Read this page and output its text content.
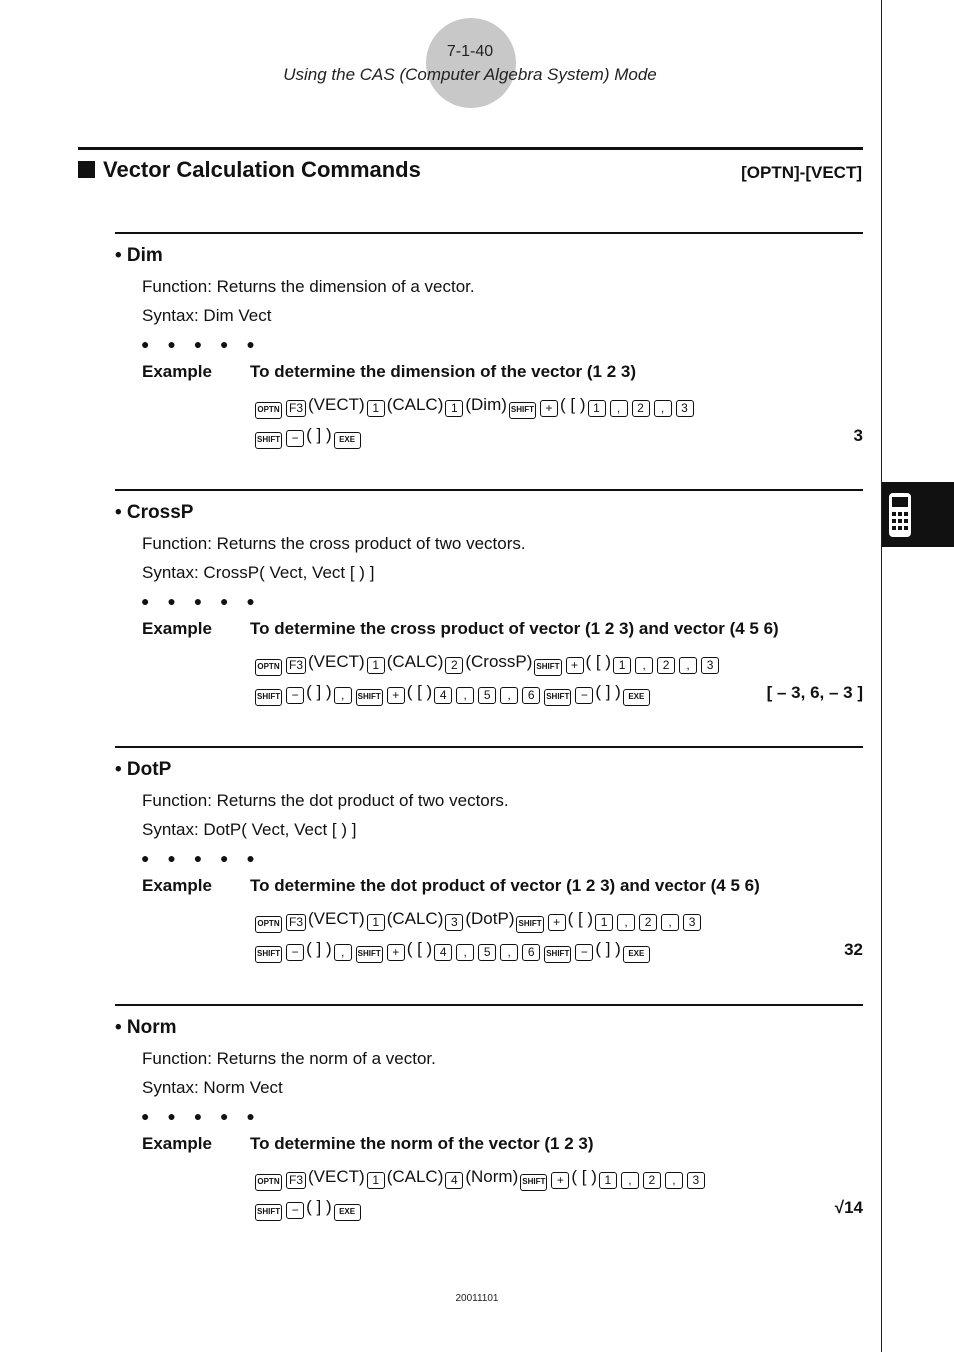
7-1-40
Using the CAS (Computer Algebra System) Mode
Vector Calculation Commands	[OPTN]-[VECT]
• Dim
Function: Returns the dimension of a vector.
Syntax: Dim Vect
● ● ● ● ●
Example To determine the dimension of the vector (1 2 3)
OPTN F3 (VECT) 1 (CALC) 1 (Dim) SHIFT + ( [ ) 1 , 2 , 3
SHIFT − ( ] ) EXE	3
• CrossP
Function: Returns the cross product of two vectors.
Syntax: CrossP( Vect, Vect [ ) ]
● ● ● ● ●
Example To determine the cross product of vector (1 2 3) and vector (4 5 6)
OPTN F3 (VECT) 1 (CALC) 2 (CrossP) SHIFT + ( [ ) 1 , 2 , 3
SHIFT − ( ] ) , SHIFT + ( [ ) 4 , 5 , 6 SHIFT − ( ] ) EXE	[ – 3, 6, – 3 ]
• DotP
Function: Returns the dot product of two vectors.
Syntax: DotP( Vect, Vect [ ) ]
● ● ● ● ●
Example To determine the dot product of vector (1 2 3) and vector (4 5 6)
OPTN F3 (VECT) 1 (CALC) 3 (DotP) SHIFT + ( [ ) 1 , 2 , 3
SHIFT − ( ] ) , SHIFT + ( [ ) 4 , 5 , 6 SHIFT − ( ] ) EXE	32
• Norm
Function: Returns the norm of a vector.
Syntax: Norm Vect
● ● ● ● ●
Example To determine the norm of the vector (1 2 3)
OPTN F3 (VECT) 1 (CALC) 4 (Norm) SHIFT + ( [ ) 1 , 2 , 3
SHIFT − ( ] ) EXE	√14
20011101
